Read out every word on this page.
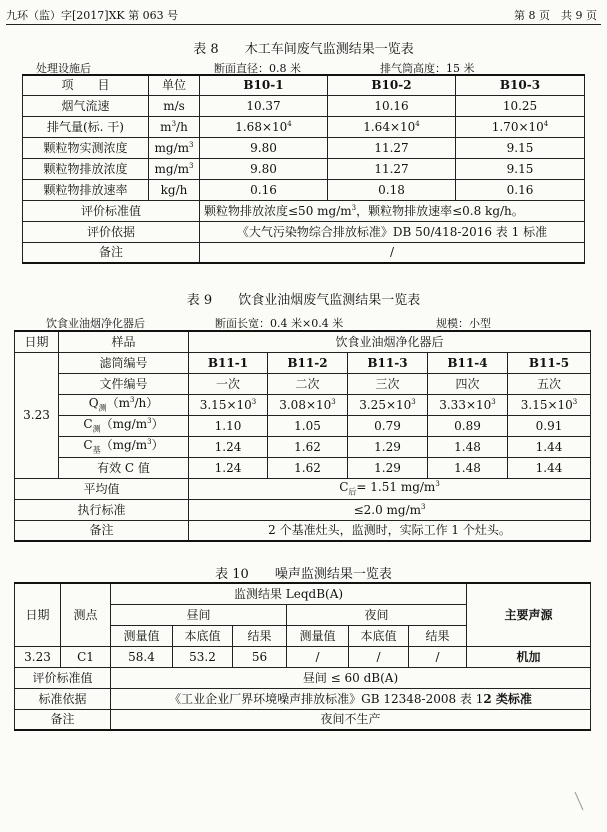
九环（监）字[2017]XK 第 063 号	第 8 页　共 9 页
表 8　　木工车间废气监测结果一览表
处理设施后	断面直径：0.8 米	排气筒高度：15 米
项　　目	单位	B10-1	B10-2	B10-3
烟气流速	m/s	10.37	10.16	10.25
排气量(标. 干)	$m^3/h$	$1.68\times 10^4$	$1.64\times 10^4$	$1.70\times 10^4$
颗粒物实测浓度	$mg/m^3$	9.80	11.27	9.15
颗粒物排放浓度	$mg/m^3$	9.80	11.27	9.15
颗粒物排放速率	kg/h	0.16	0.18	0.16
评价标准值		颗粒物排放浓度≤50 $mg/m^3$，颗粒物排放速率≤0.8 kg/h。		
评价依据		《大气污染物综合排放标准》DB 50/418-2016 表 1 标准		
备注		/		
表 9　　饮食业油烟废气监测结果一览表
饮食业油烟净化器后	断面长宽：0.4 米×0.4 米	规模：小型
日期	样品	饮食业油烟净化器后				
3.23	滤筒编号	B11-1	B11-2	B11-3	B11-4	B11-5
	文件编号	一次	二次	三次	四次	五次
	$Q_测(m^3/h)$	$3.15\times 10^3$	$3.08\times 10^3$	$3.25\times 10^3$	$3.33\times 10^3$	$3.15\times 10^3$
	$C_测(mg/m^3)$	1.10	1.05	0.79	0.89	0.91
	$C_基(mg/m^3)$	1.24	1.62	1.29	1.48	1.44
	有效 C 值	1.24	1.62	1.29	1.48	1.44
平均值		$C_后= 1.51$ $mg/m^3$
执行标准		≤2.0 $mg/m^3$
备注		2 个基准灶头，监测时，实际工作 1 个灶头。				
表 10　　噪声监测结果一览表
日期	测点	监测结果 LeqdB(A)						主要声源
		昼间			夜间			
		测量值	本底值	结果	测量值	本底值	结果	
3.23	C1	58.4	53.2	56	/	/	/	机加
评价标准值		昼间 ≤ 60 dB(A)						
标准依据		《工业企业厂界环境噪声排放标准》GB 12348-2008 表 12 类标准						
备注		夜间不生产						
